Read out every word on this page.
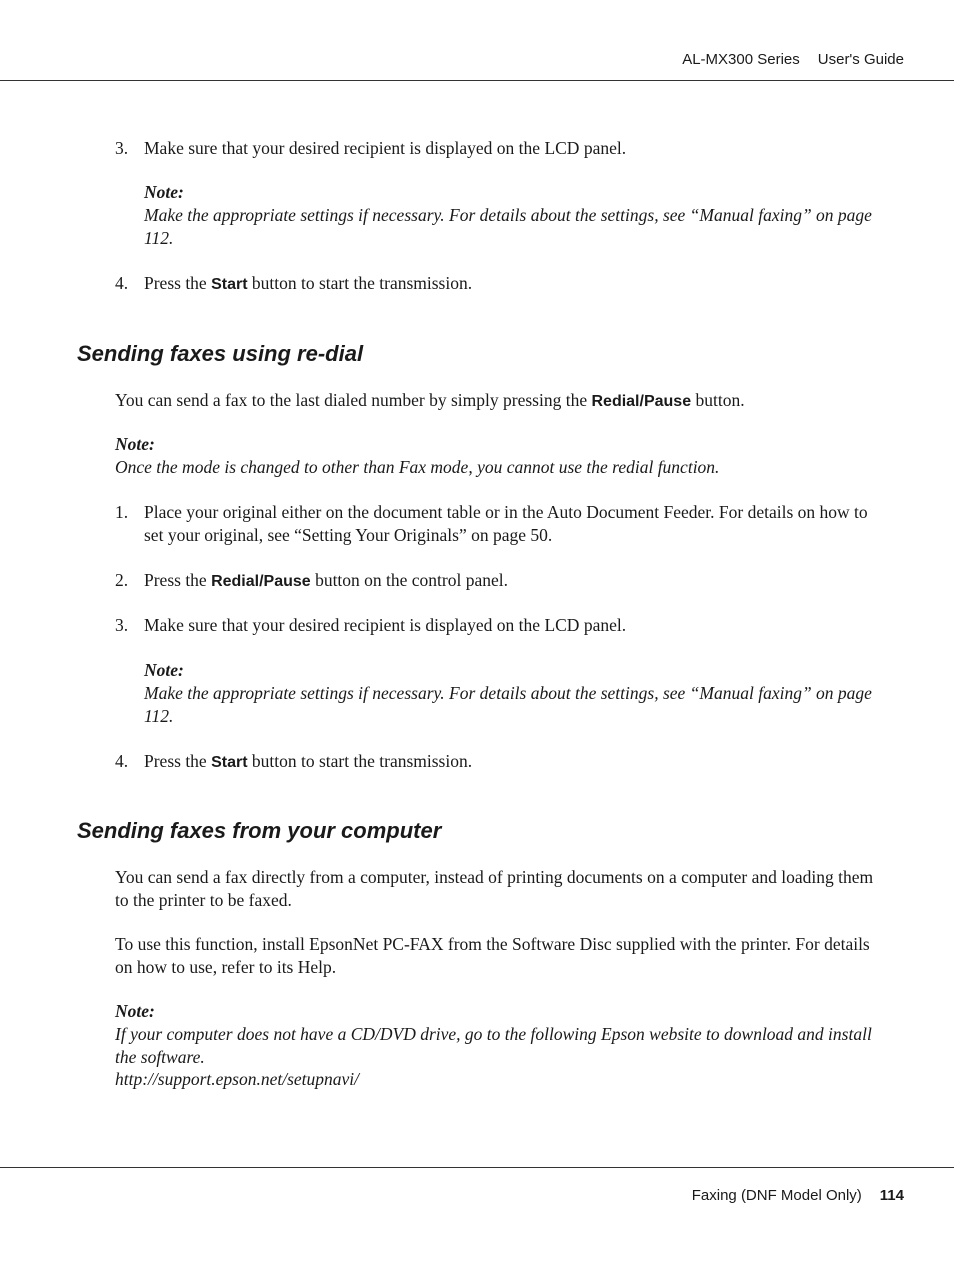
AL-MX300 Series User's Guide
3. Make sure that your desired recipient is displayed on the LCD panel.
Note:
Make the appropriate settings if necessary. For details about the settings, see “Manual faxing” on page 112.
4. Press the Start button to start the transmission.
Sending faxes using re-dial
You can send a fax to the last dialed number by simply pressing the Redial/Pause button.
Note:
Once the mode is changed to other than Fax mode, you cannot use the redial function.
1. Place your original either on the document table or in the Auto Document Feeder. For details on how to set your original, see “Setting Your Originals” on page 50.
2. Press the Redial/Pause button on the control panel.
3. Make sure that your desired recipient is displayed on the LCD panel.
Note:
Make the appropriate settings if necessary. For details about the settings, see “Manual faxing” on page 112.
4. Press the Start button to start the transmission.
Sending faxes from your computer
You can send a fax directly from a computer, instead of printing documents on a computer and loading them to the printer to be faxed.
To use this function, install EpsonNet PC-FAX from the Software Disc supplied with the printer. For details on how to use, refer to its Help.
Note:
If your computer does not have a CD/DVD drive, go to the following Epson website to download and install the software.
http://support.epson.net/setupnavi/
Faxing (DNF Model Only) 114
